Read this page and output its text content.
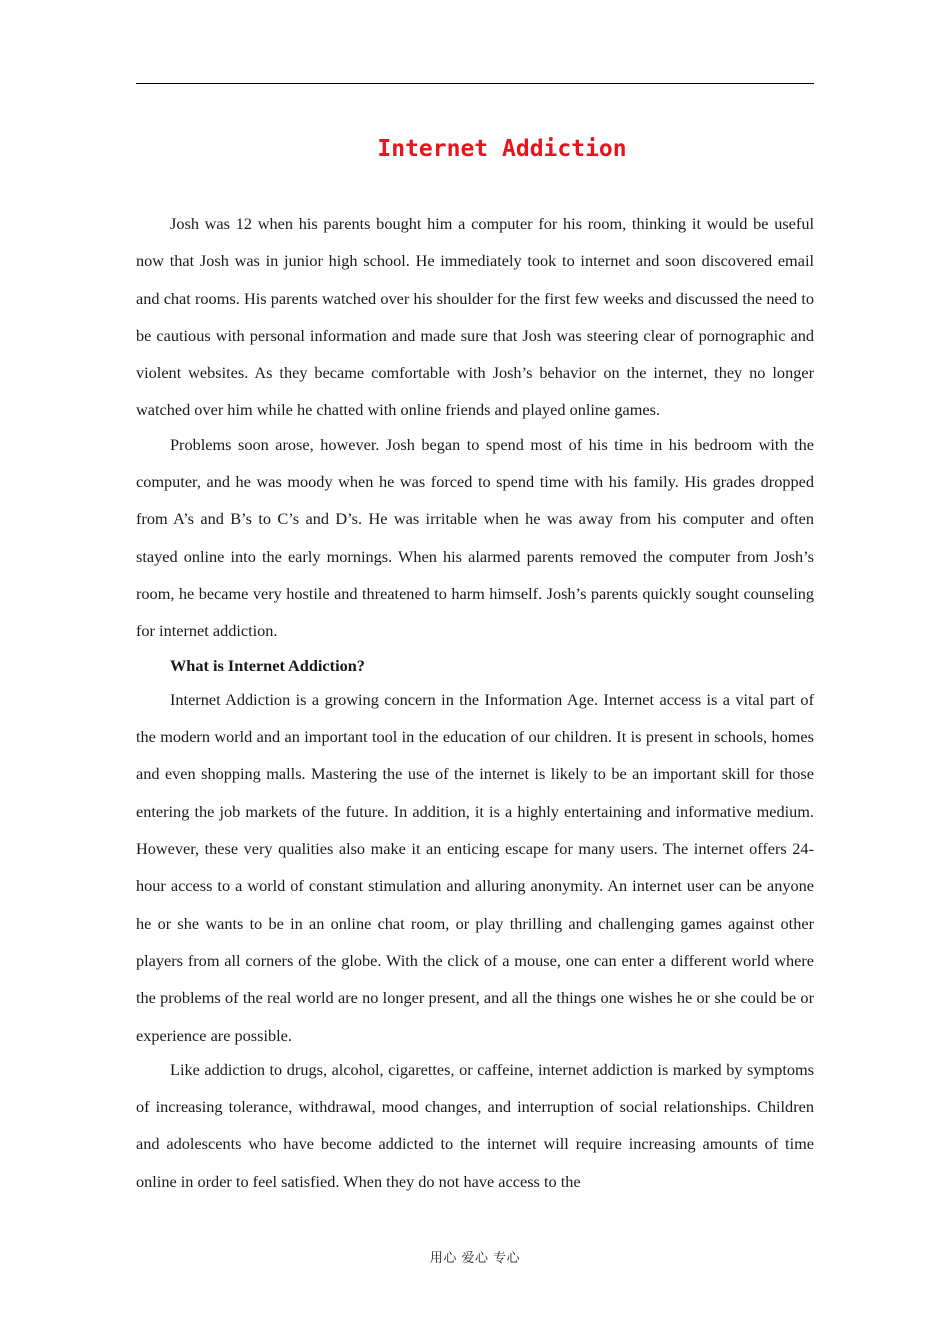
Internet Addiction

Josh was 12 when his parents bought him a computer for his room, thinking it would be useful now that Josh was in junior high school. He immediately took to internet and soon discovered email and chat rooms. His parents watched over his shoulder for the first few weeks and discussed the need to be cautious with personal information and made sure that Josh was steering clear of pornographic and violent websites. As they became comfortable with Josh’s behavior on the internet, they no longer watched over him while he chatted with online friends and played online games.

Problems soon arose, however. Josh began to spend most of his time in his bedroom with the computer, and he was moody when he was forced to spend time with his family. His grades dropped from A’s and B’s to C’s and D’s. He was irritable when he was away from his computer and often stayed online into the early mornings. When his alarmed parents removed the computer from Josh’s room, he became very hostile and threatened to harm himself. Josh’s parents quickly sought counseling for internet addiction.

What is Internet Addiction?

Internet Addiction is a growing concern in the Information Age. Internet access is a vital part of the modern world and an important tool in the education of our children. It is present in schools, homes and even shopping malls. Mastering the use of the internet is likely to be an important skill for those entering the job markets of the future. In addition, it is a highly entertaining and informative medium. However, these very qualities also make it an enticing escape for many users. The internet offers 24-hour access to a world of constant stimulation and alluring anonymity. An internet user can be anyone he or she wants to be in an online chat room, or play thrilling and challenging games against other players from all corners of the globe. With the click of a mouse, one can enter a different world where the problems of the real world are no longer present, and all the things one wishes he or she could be or experience are possible.

Like addiction to drugs, alcohol, cigarettes, or caffeine, internet addiction is marked by symptoms of increasing tolerance, withdrawal, mood changes, and interruption of social relationships. Children and adolescents who have become addicted to the internet will require increasing amounts of time online in order to feel satisfied. When they do not have access to the

用心 爱心 专心
